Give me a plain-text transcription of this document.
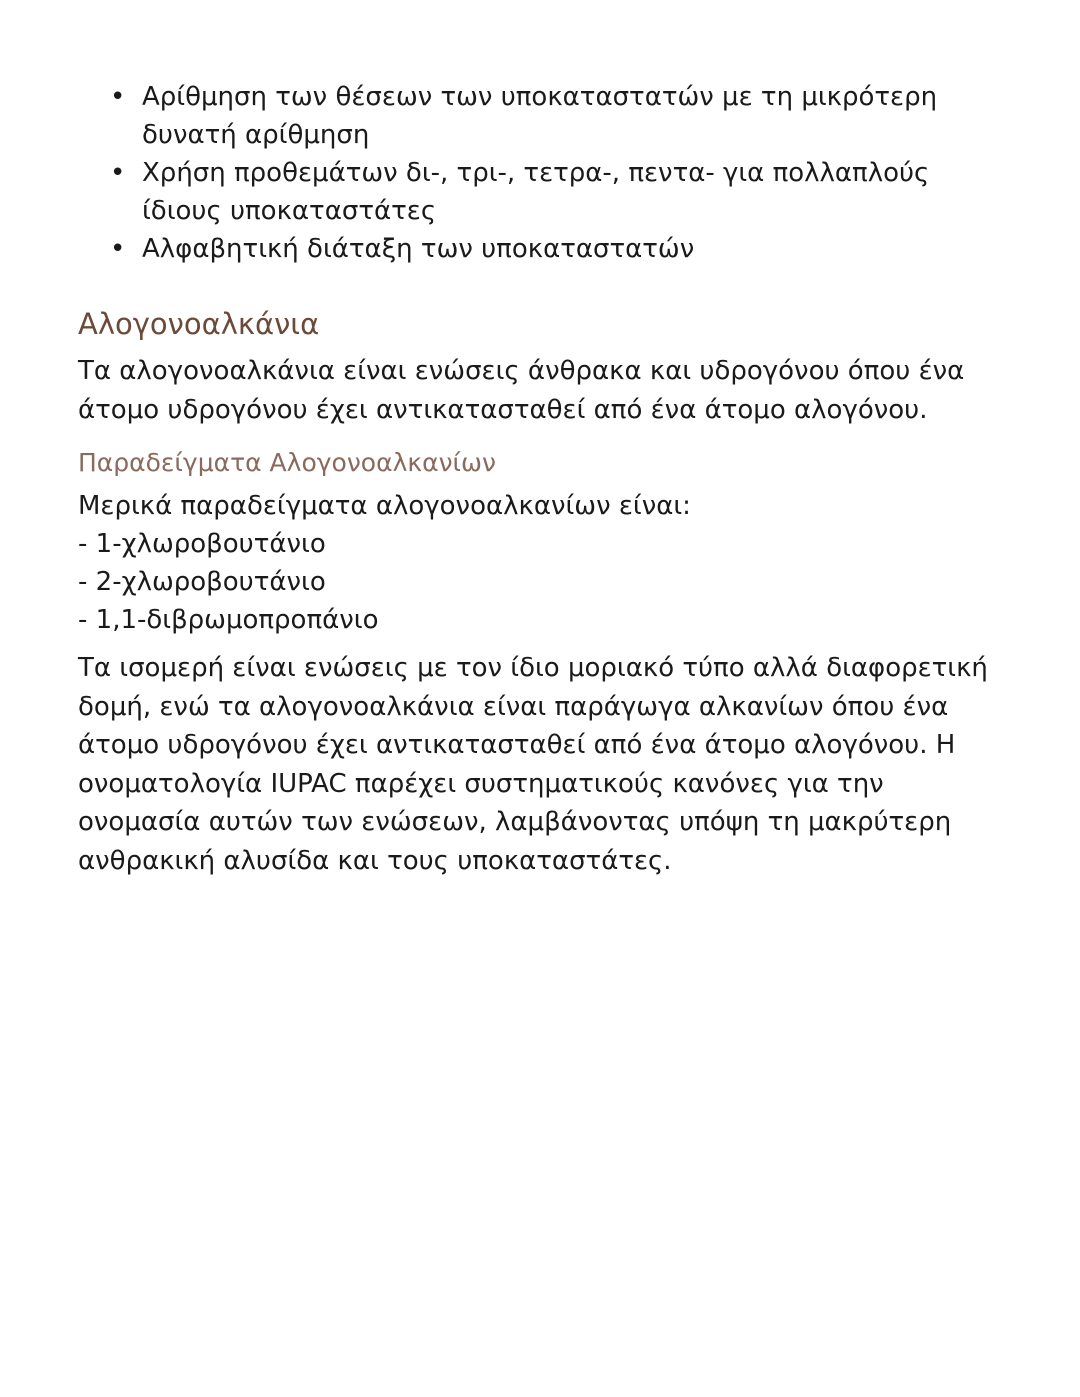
• Αρίθμηση των θέσεων των υποκαταστατών με τη μικρότερη δυνατή αρίθμηση
• Χρήση προθεμάτων δι-, τρι-, τετρα-, πεντα- για πολλαπλούς ίδιους υποκαταστάτες
• Αλφαβητική διάταξη των υποκαταστατών
Αλογονοαλκάνια

Τα αλογονοαλκάνια είναι ενώσεις άνθρακα και υδρογόνου όπου ένα άτομο υδρογόνου έχει αντικατασταθεί από ένα άτομο αλογόνου.

Παραδείγματα Αλογονοαλκανίων
Μερικά παραδείγματα αλογονοαλκανίων είναι:
- 1-χλωροβουτάνιο
- 2-χλωροβουτάνιο
- 1,1-διβρωμοπροπάνιο

Τα ισομερή είναι ενώσεις με τον ίδιο μοριακό τύπο αλλά διαφορετική δομή, ενώ τα αλογονοαλκάνια είναι παράγωγα αλκανίων όπου ένα άτομο υδρογόνου έχει αντικατασταθεί από ένα άτομο αλογόνου. Η ονοματολογία IUPAC παρέχει συστηματικούς κανόνες για την ονομασία αυτών των ενώσεων, λαμβάνοντας υπόψη τη μακρύτερη ανθρακική αλυσίδα και τους υποκαταστάτες.
